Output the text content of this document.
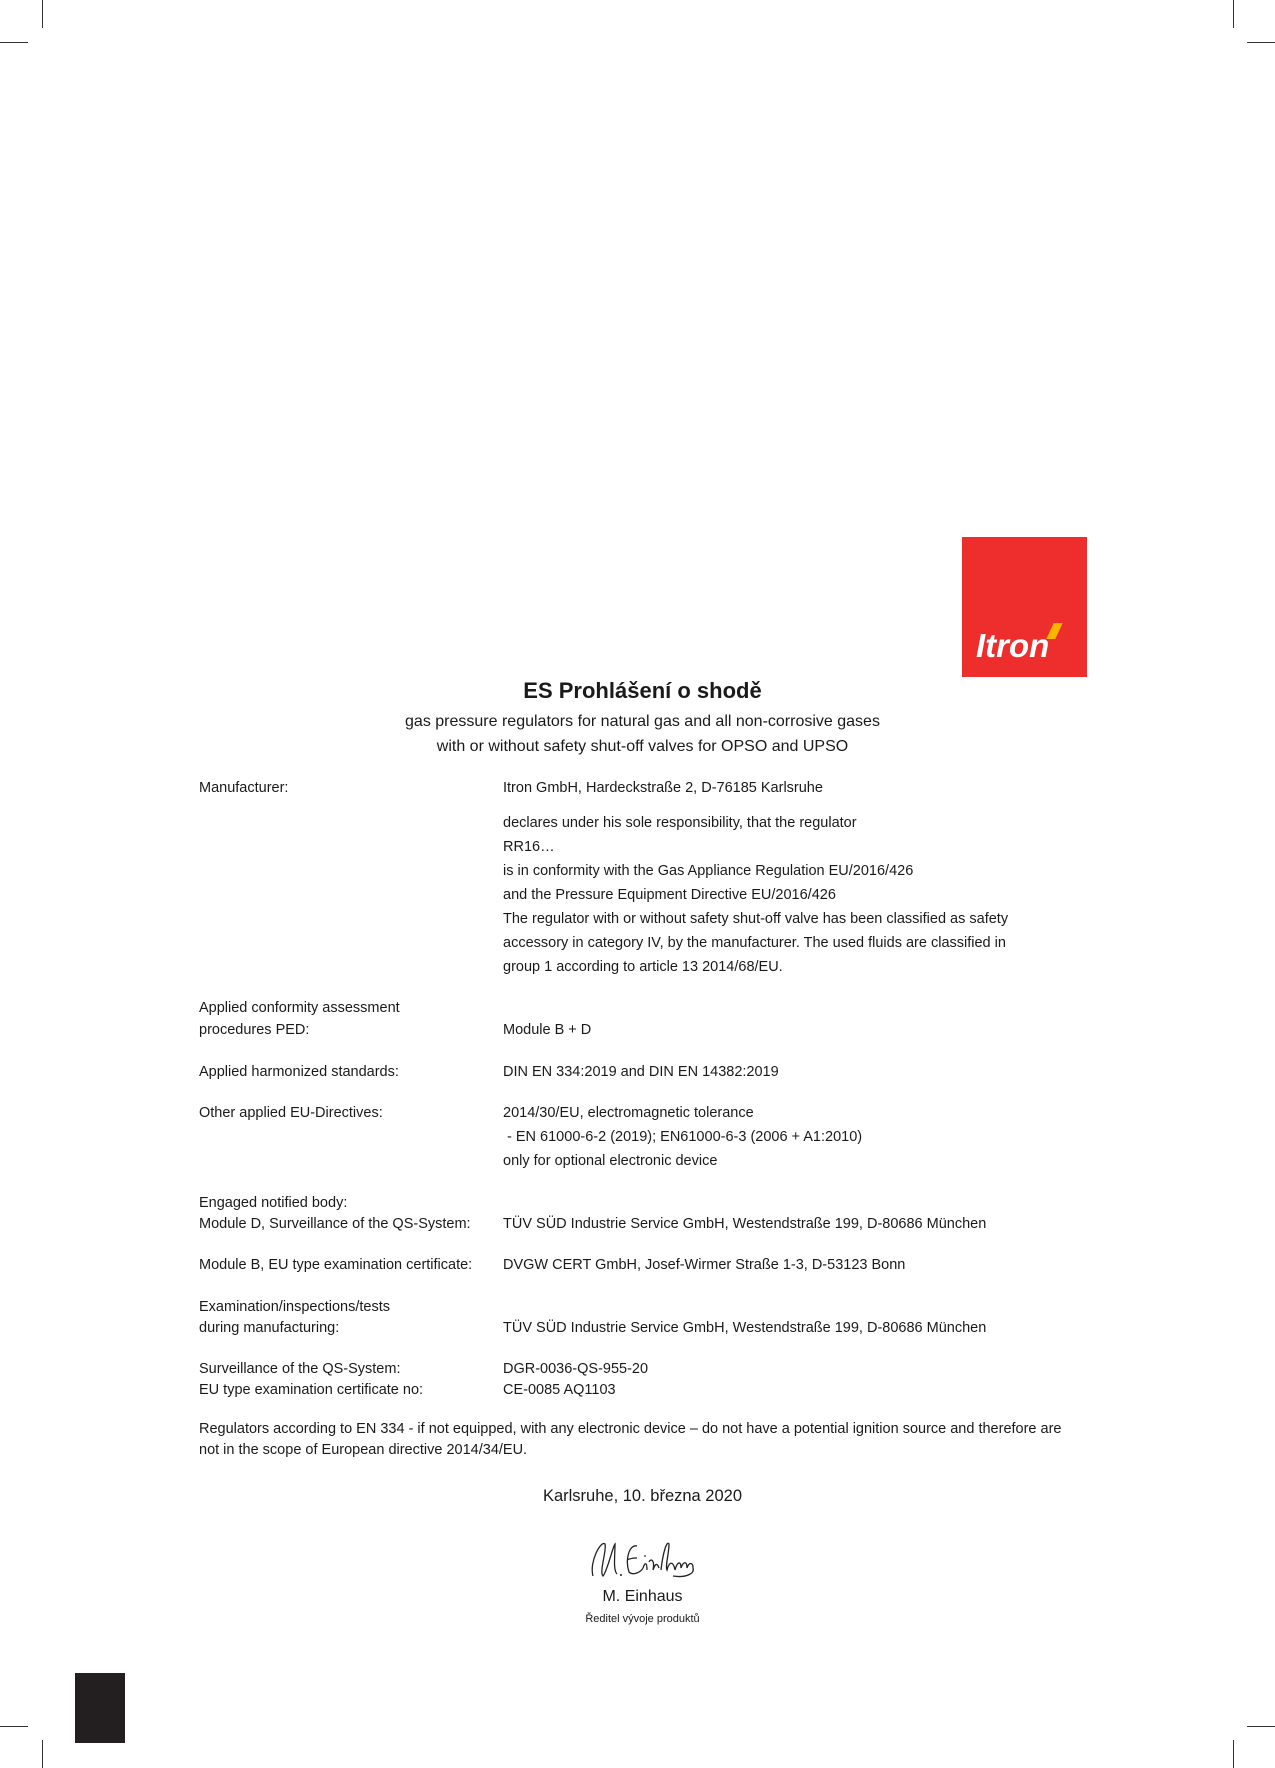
Itron
ES Prohlášení o shodě
gas pressure regulators for natural gas and all non-corrosive gases
with or without safety shut-off valves for OPSO and UPSO
Manufacturer:	Itron GmbH, Hardeckstraße 2, D-76185 Karlsruhe
declares under his sole responsibility, that the regulator
RR16…
is in conformity with the Gas Appliance Regulation EU/2016/426
and the Pressure Equipment Directive EU/2016/426
The regulator with or without safety shut-off valve has been classified as safety
accessory in category IV, by the manufacturer. The used fluids are classified in
group 1 according to article 13 2014/68/EU.
Applied conformity assessment
procedures PED:	Module B + D
Applied harmonized standards:	DIN EN 334:2019 and DIN EN 14382:2019
Other applied EU-Directives:	2014/30/EU, electromagnetic tolerance
- EN 61000-6-2 (2019); EN61000-6-3 (2006 + A1:2010)
only for optional electronic device
Engaged notified body:
Module D, Surveillance of the QS-System: TÜV SÜD Industrie Service GmbH, Westendstraße 199, D-80686 München
Module B, EU type examination certificate: DVGW CERT GmbH, Josef-Wirmer Straße 1-3, D-53123 Bonn
Examination/inspections/tests
during manufacturing:	TÜV SÜD Industrie Service GmbH, Westendstraße 199, D-80686 München
Surveillance of the QS-System:	DGR-0036-QS-955-20
EU type examination certificate no:	CE-0085 AQ1103
Regulators according to EN 334 - if not equipped, with any electronic device – do not have a potential ignition source and therefore are not in the scope of European directive 2014/34/EU.
Karlsruhe, 10. března 2020
M. Einhaus
Ředitel vývoje produktů
